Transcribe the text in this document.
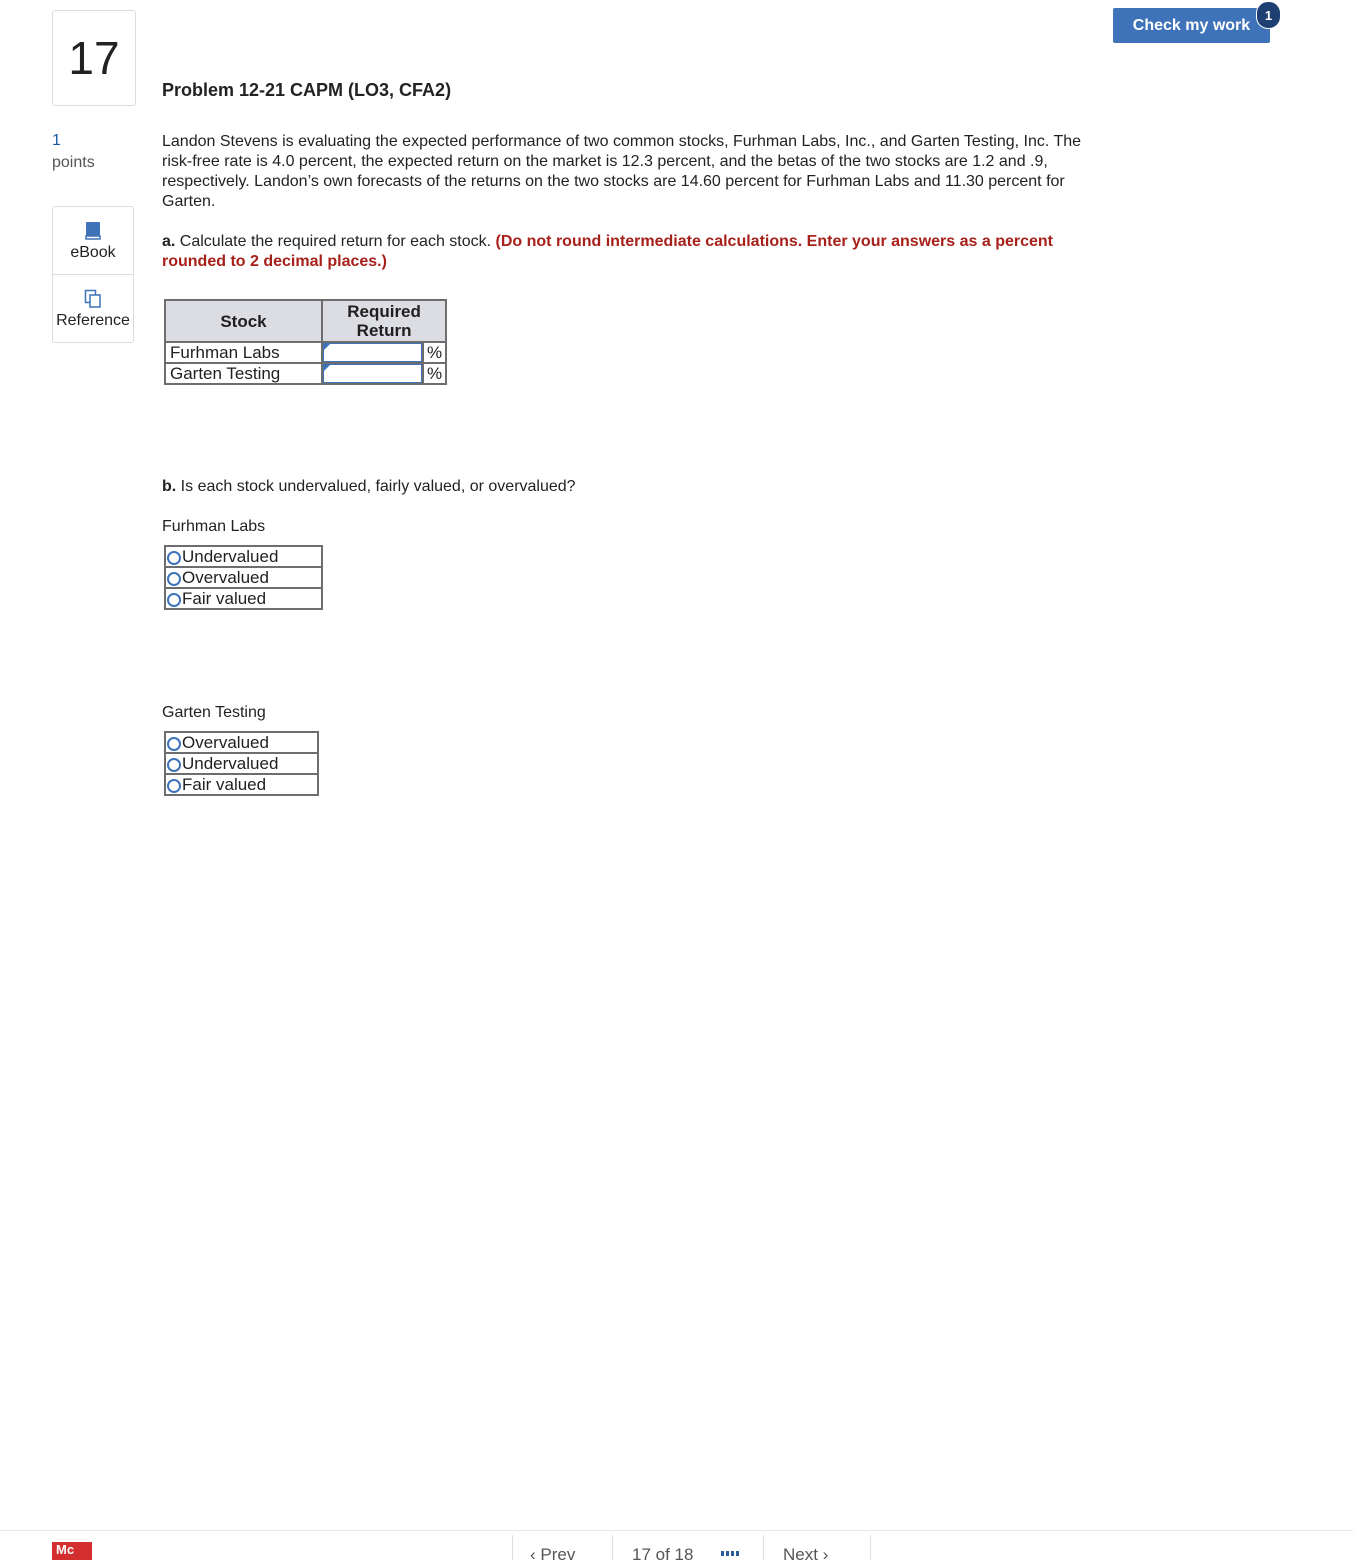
17
1
points
eBook
Reference
Check my work
1
Problem 12-21 CAPM (LO3, CFA2)
Landon Stevens is evaluating the expected performance of two common stocks, Furhman Labs, Inc., and Garten Testing, Inc. The risk-free rate is 4.0 percent, the expected return on the market is 12.3 percent, and the betas of the two stocks are 1.2 and .9, respectively. Landon’s own forecasts of the returns on the two stocks are 14.60 percent for Furhman Labs and 11.30 percent for Garten.
a. Calculate the required return for each stock. (Do not round intermediate calculations. Enter your answers as a percent rounded to 2 decimal places.)
Stock	Required
Return	
Furhman Labs		%
Garten Testing		%
b. Is each stock undervalued, fairly valued, or overvalued?
Furhman Labs
Undervalued
Overvalued
Fair valued
Garten Testing
Overvalued
Undervalued
Fair valued
Mc	‹ Prev	17 of 18	Next ›
